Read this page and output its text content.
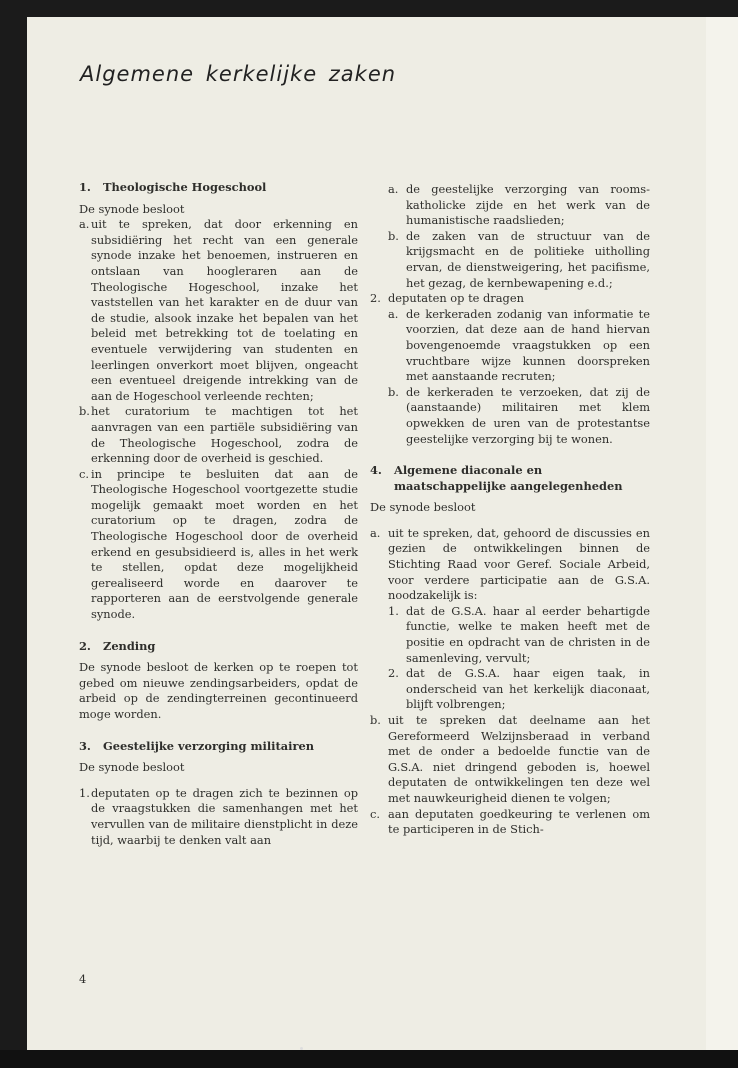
Algemene kerkelijke zaken
1.	Theologische Hogeschool

De synode besloot

a. uit te spreken, dat door erkenning en subsidiëring het recht van een generale synode inzake het benoemen, instrueren en ontslaan van hoogleraren aan de Theologische Hogeschool, inzake het vaststellen van het karakter en de duur van de studie, alsook inzake het bepalen van het beleid met betrekking tot de toelating en eventuele verwijdering van studenten en leerlingen onverkort moet blijven, ongeacht een eventueel dreigende intrekking van de aan de Hogeschool verleende rechten;
b. het curatorium te machtigen tot het aanvragen van een partiële subsidiëring van de Theologische Hogeschool, zodra de erkenning door de overheid is geschied.
c. in principe te besluiten dat aan de Theologische Hogeschool voortgezette studie mogelijk gemaakt moet worden en het curatorium op te dragen, zodra de Theologische Hogeschool door de overheid erkend en gesubsidieerd is, alles in het werk te stellen, opdat deze mogelijkheid gerealiseerd worde en daarover te rapporteren aan de eerstvolgende generale synode.
2.	Zending

De synode besloot de kerken op te roepen tot gebed om nieuwe zendingsarbeiders, opdat de arbeid op de zendingterreinen gecontinueerd moge worden.

3.	Geestelijke verzorging militairen

De synode besloot

1. deputaten op te dragen zich te bezinnen op de vraagstukken die samenhangen met het vervullen van de militaire dienstplicht in deze tijd, waarbij te denken valt aan
a. de geestelijke verzorging van rooms-katholicke zijde en het werk van de humanistische raadslieden;
b. de zaken van de structuur van de krijgsmacht en de politieke uitholling ervan, de dienstweigering, het pacifisme, het gezag, de kernbewapening e.d.;
2. deputaten op te dragen
a. de kerkeraden zodanig van informatie te voorzien, dat deze aan de hand hiervan bovengenoemde vraagstukken op een vruchtbare wijze kunnen doorspreken met aanstaande recruten;
b. de kerkeraden te verzoeken, dat zij de (aanstaande) militairen met klem opwekken de uren van de protestantse geestelijke verzorging bij te wonen.
4.	Algemene diaconale en maatschappelijke aangelegenheden

De synode besloot

a. uit te spreken, dat, gehoord de discussies en gezien de ontwikkelingen binnen de Stichting Raad voor Geref. Sociale Arbeid, voor verdere participatie aan de G.S.A. noodzakelijk is:
1. dat de G.S.A. haar al eerder behartigde functie, welke te maken heeft met de positie en opdracht van de christen in de samenleving, vervult;
2. dat de G.S.A. haar eigen taak, in onderscheid van het kerkelijk diaconaat, blijft volbrengen;
b. uit te spreken dat deelname aan het Gereformeerd Welzijnsberaad in verband met de onder a bedoelde functie van de G.S.A. niet dringend geboden is, hoewel deputaten de ontwikkelingen ten deze wel met nauwkeurigheid dienen te volgen;
c. aan deputaten goedkeuring te verlenen om te participeren in de Stich-
4
